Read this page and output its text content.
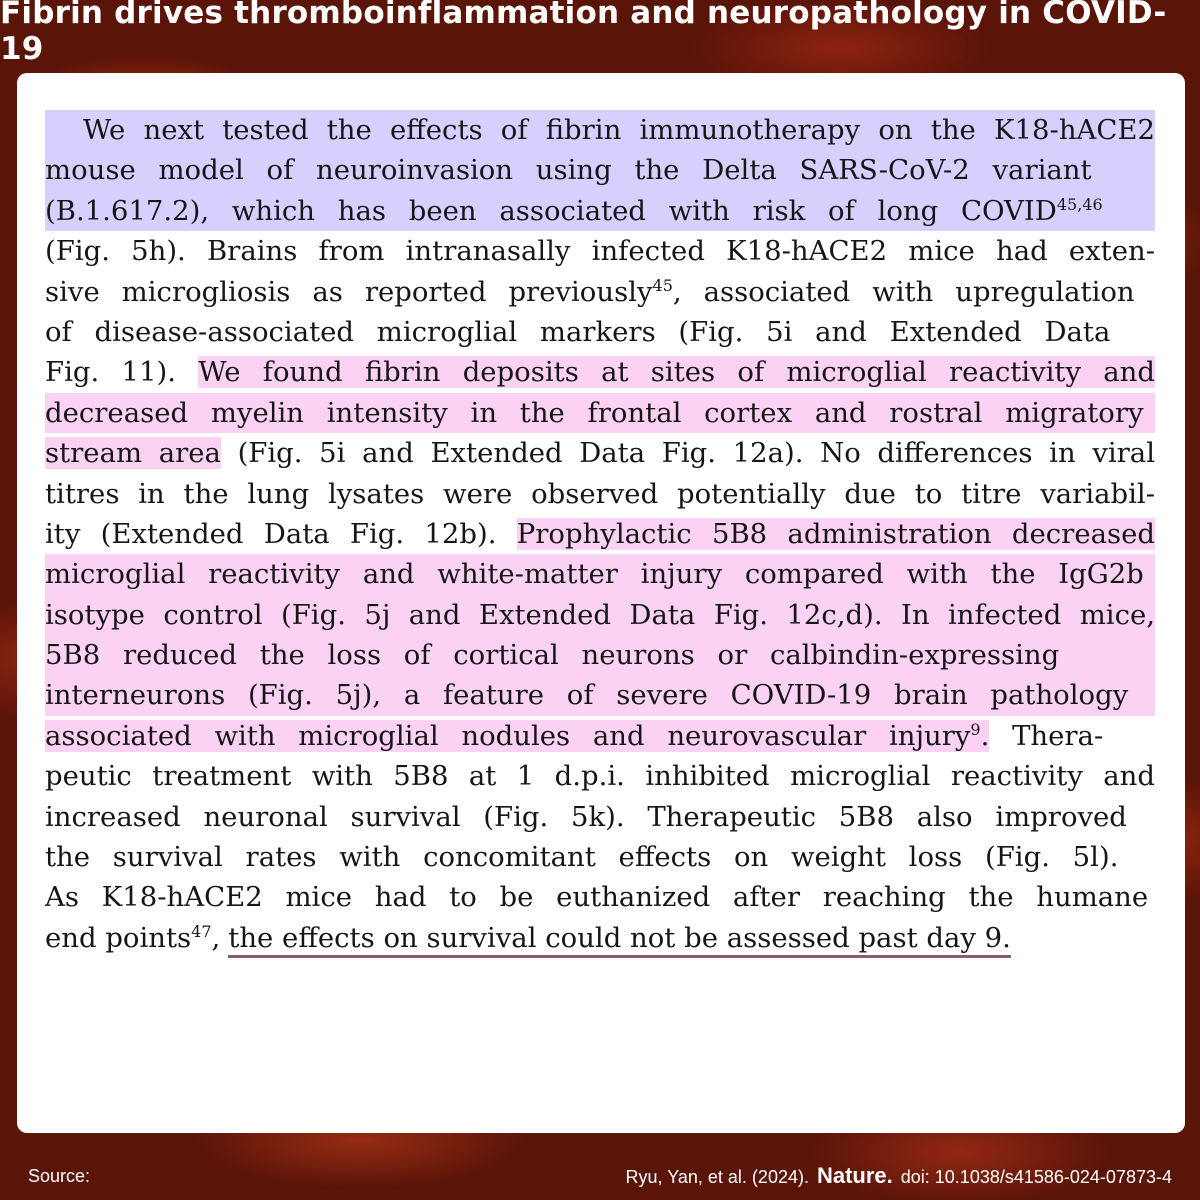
Fibrin drives thromboinflammation and neuropathology in COVID-19
We next tested the effects of fibrin immunotherapy on the K18-hACE2
mouse model of neuroinvasion using the Delta SARS-CoV-2 variant
(B.1.617.2), which has been associated with risk of long COVID$^{45,46}$
(Fig. 5h). Brains from intranasally infected K18-hACE2 mice had exten-
sive microgliosis as reported previously$^{45}$, associated with upregulation
of disease-associated microglial markers (Fig. 5i and Extended Data
Fig. 11). We found fibrin deposits at sites of microglial reactivity and
decreased myelin intensity in the frontal cortex and rostral migratory
stream area (Fig. 5i and Extended Data Fig. 12a). No differences in viral
titres in the lung lysates were observed potentially due to titre variabil-
ity (Extended Data Fig. 12b). Prophylactic 5B8 administration decreased
microglial reactivity and white-matter injury compared with the IgG2b
isotype control (Fig. 5j and Extended Data Fig. 12c,d). In infected mice,
5B8 reduced the loss of cortical neurons or calbindin-expressing
interneurons (Fig. 5j), a feature of severe COVID-19 brain pathology
associated with microglial nodules and neurovascular injury$^9$. Thera-
peutic treatment with 5B8 at 1 d.p.i. inhibited microglial reactivity and
increased neuronal survival (Fig. 5k). Therapeutic 5B8 also improved
the survival rates with concomitant effects on weight loss (Fig. 5l).
As K18-hACE2 mice had to be euthanized after reaching the humane
end points$^{47}$, the effects on survival could not be assessed past day 9.
Source:	Ryu, Yan, et al. (2024). Nature. doi: 10.1038/s41586-024-07873-4
